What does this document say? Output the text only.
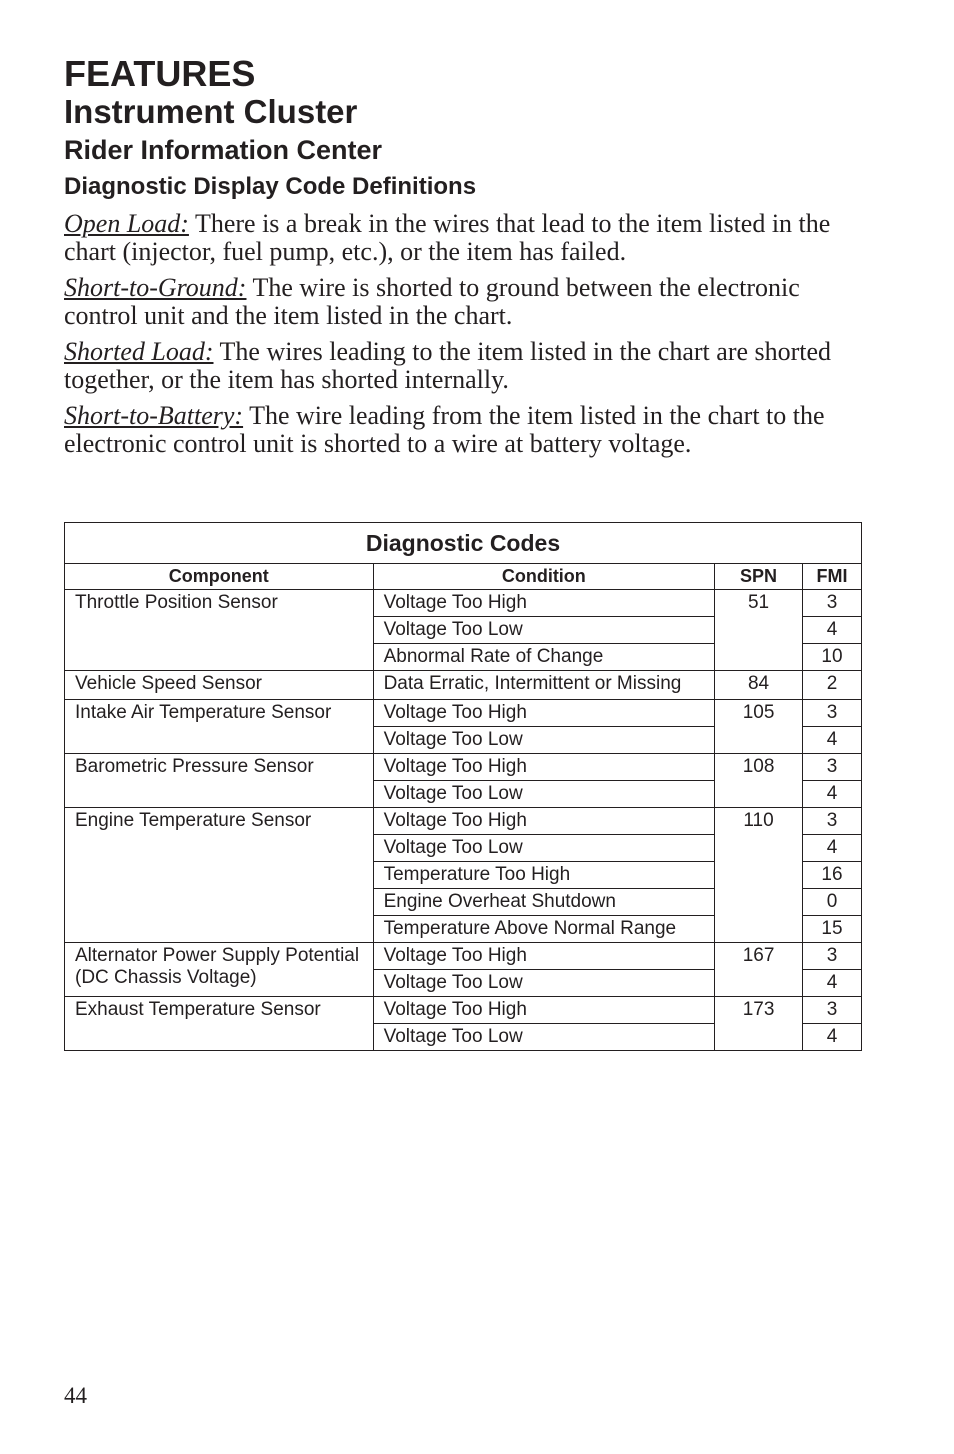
FEATURES
Instrument Cluster
Rider Information Center
Diagnostic Display Code Definitions

Open Load: There is a break in the wires that lead to the item listed in the chart (injector, fuel pump, etc.), or the item has failed.

Short-to-Ground: The wire is shorted to ground between the electronic control unit and the item listed in the chart.

Shorted Load: The wires leading to the item listed in the chart are shorted together, or the item has shorted internally.

Short-to-Battery: The wire leading from the item listed in the chart to the electronic control unit is shorted to a wire at battery voltage.

Diagnostic Codes			
Component	Condition	SPN	FMI
Throttle Position Sensor	Voltage Too High	51	3
	Voltage Too Low		4
	Abnormal Rate of Change		10
Vehicle Speed Sensor	Data Erratic, Intermittent or Missing	84	2
Intake Air Temperature Sensor	Voltage Too High	105	3
	Voltage Too Low		4
Barometric Pressure Sensor	Voltage Too High	108	3
	Voltage Too Low		4
Engine Temperature Sensor	Voltage Too High	110	3
	Voltage Too Low		4
	Temperature Too High		16
	Engine Overheat Shutdown		0
	Temperature Above Normal Range		15
Alternator Power Supply Potential (DC Chassis Voltage)	Voltage Too High	167	3
	Voltage Too Low		4
Exhaust Temperature Sensor	Voltage Too High	173	3
	Voltage Too Low		4
44
